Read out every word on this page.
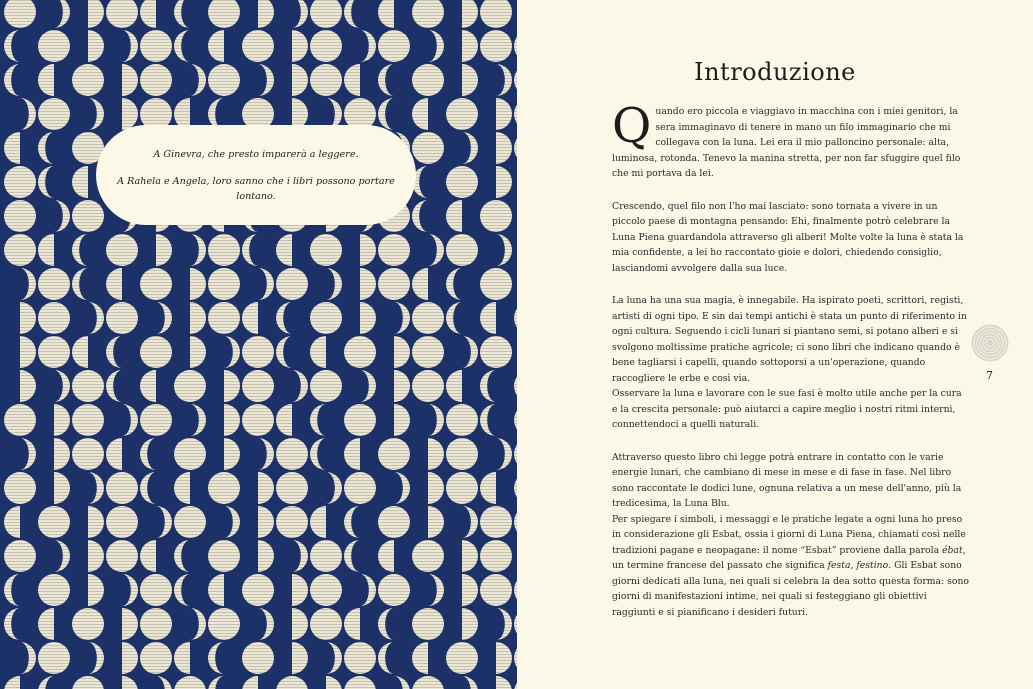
A Ginevra, che presto imparerà a leggere.

A Rahela e Angela, loro sanno che i libri possono portare lontano.

Introduzione

Quando ero piccola e viaggiavo in macchina con i miei genitori, la sera immaginavo di tenere in mano un filo immaginario che mi collegava con la luna. Lei era il mio palloncino personale: alta, luminosa, rotonda. Tenevo la manina stretta, per non far sfuggire quel filo che mi portava da lei.

Crescendo, quel filo non l'ho mai lasciato: sono tornata a vivere in un piccolo paese di montagna pensando: Ehi, finalmente potrò celebrare la Luna Piena guardandola attraverso gli alberi! Molte volte la luna è stata la mia confidente, a lei ho raccontato gioie e dolori, chiedendo consiglio, lasciandomi avvolgere dalla sua luce.

La luna ha una sua magia, è innegabile. Ha ispirato poeti, scrittori, registi, artisti di ogni tipo. E sin dai tempi antichi è stata un punto di riferimento in ogni cultura. Seguendo i cicli lunari si piantano semi, si potano alberi e si svolgono moltissime pratiche agricole; ci sono libri che indicano quando è bene tagliarsi i capelli, quando sottoporsi a un'operazione, quando raccogliere le erbe e così via.

Osservare la luna e lavorare con le sue fasi è molto utile anche per la cura e la crescita personale: può aiutarci a capire meglio i nostri ritmi interni, connettendoci a quelli naturali.

Attraverso questo libro chi legge potrà entrare in contatto con le varie energie lunari, che cambiano di mese in mese e di fase in fase. Nel libro sono raccontate le dodici lune, ognuna relativa a un mese dell'anno, più la tredicesima, la Luna Blu.

Per spiegare i simboli, i messaggi e le pratiche legate a ogni luna ho preso in considerazione gli Esbat, ossia i giorni di Luna Piena, chiamati così nelle tradizioni pagane e neopagane: il nome “Esbat” proviene dalla parola ébat, un termine francese del passato che significa festa, festino. Gli Esbat sono giorni dedicati alla luna, nei quali si celebra la dea sotto questa forma: sono giorni di manifestazioni intime, nei quali si festeggiano gli obiettivi raggiunti e si pianificano i desideri futuri.

7
